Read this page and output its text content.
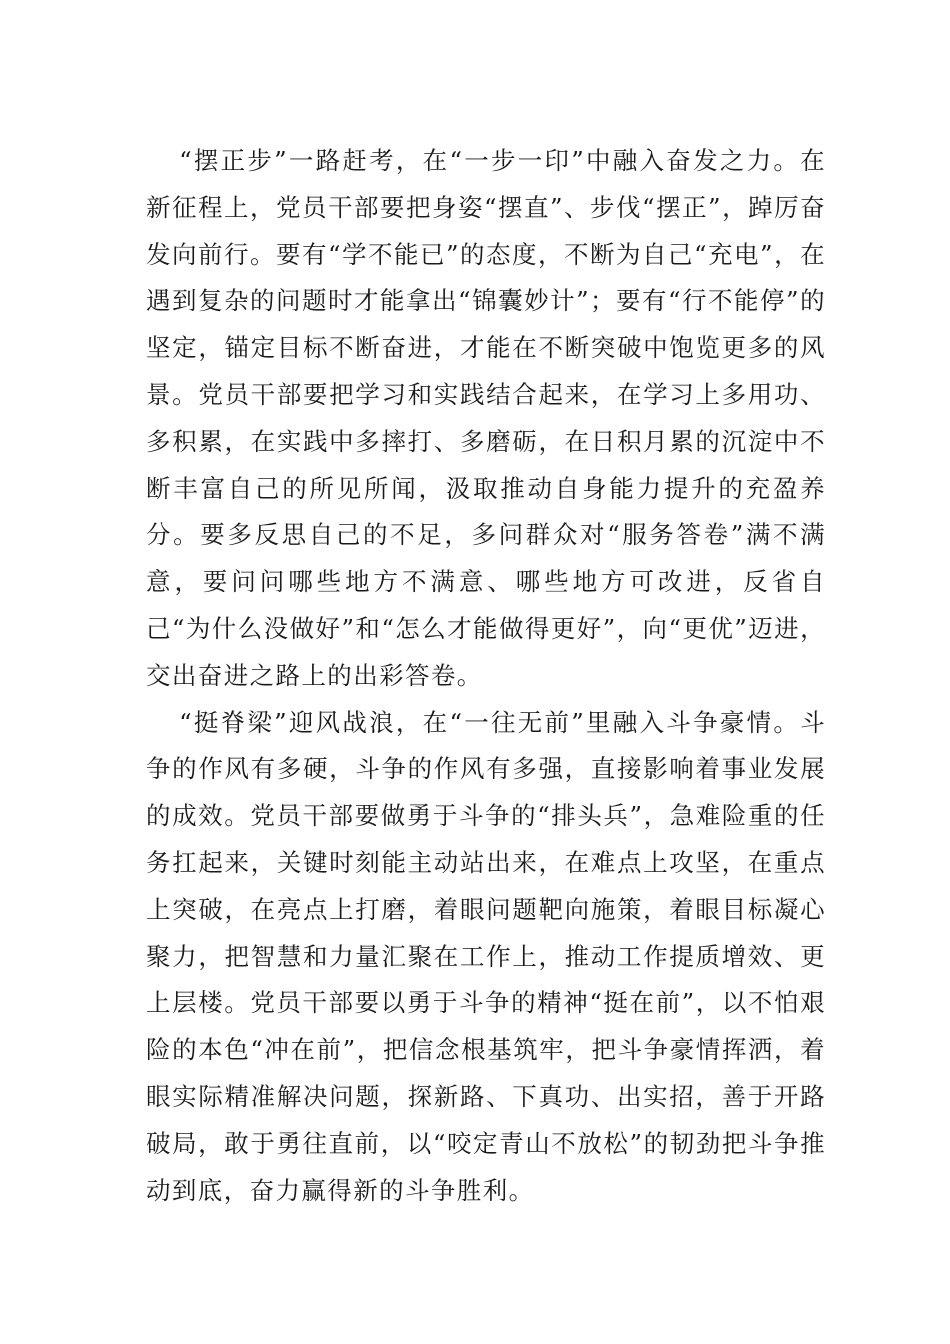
“摆正步”一路赶考，在“一步一印”中融入奋发之力。在新征程上，党员干部要把身姿“摆直”、步伐“摆正”，踔厉奋发向前行。要有“学不能已”的态度，不断为自己“充电”，在遇到复杂的问题时才能拿出“锦囊妙计”；要有“行不能停”的坚定，锚定目标不断奋进，才能在不断突破中饱览更多的风景。党员干部要把学习和实践结合起来，在学习上多用功、多积累，在实践中多摔打、多磨砺，在日积月累的沉淀中不断丰富自己的所见所闻，汲取推动自身能力提升的充盈养分。要多反思自己的不足，多问群众对“服务答卷”满不满意，要问问哪些地方不满意、哪些地方可改进，反省自己“为什么没做好”和“怎么才能做得更好”，向“更优”迈进，交出奋进之路上的出彩答卷。

“挺脊梁”迎风战浪，在“一往无前”里融入斗争豪情。斗争的作风有多硬，斗争的作风有多强，直接影响着事业发展的成效。党员干部要做勇于斗争的“排头兵”，急难险重的任务扛起来，关键时刻能主动站出来，在难点上攻坚，在重点上突破，在亮点上打磨，着眼问题靶向施策，着眼目标凝心聚力，把智慧和力量汇聚在工作上，推动工作提质增效、更上层楼。党员干部要以勇于斗争的精神“挺在前”，以不怕艰险的本色“冲在前”，把信念根基筑牢，把斗争豪情挥洒，着眼实际精准解决问题，探新路、下真功、出实招，善于开路破局，敢于勇往直前，以“咬定青山不放松”的韧劲把斗争推动到底，奋力赢得新的斗争胜利。
